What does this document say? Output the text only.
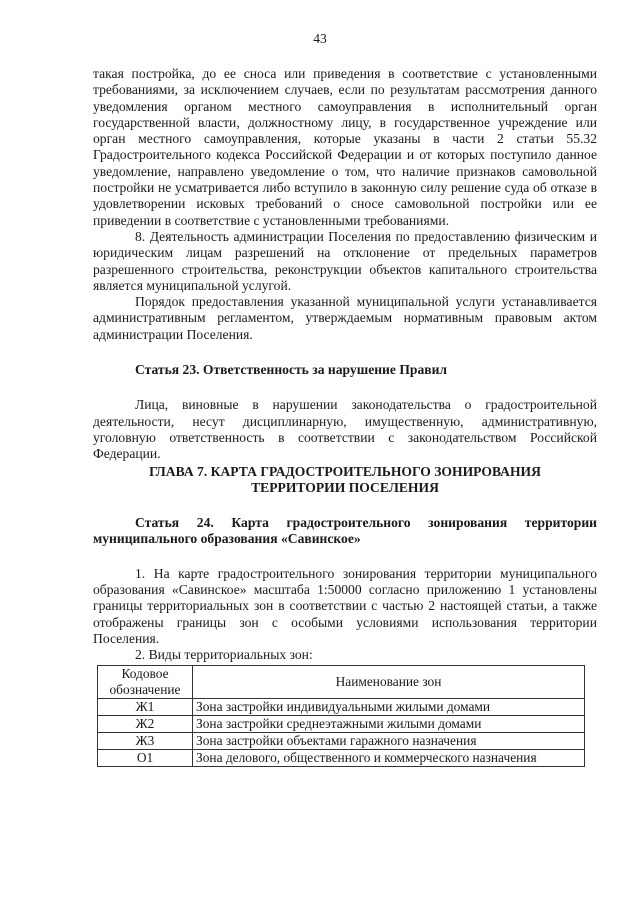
43

такая постройка, до ее сноса или приведения в соответствие с установленными требованиями, за исключением случаев, если по результатам рассмотрения данного уведомления органом местного самоуправления в исполнительный орган государственной власти, должностному лицу, в государственное учреждение или орган местного самоуправления, которые указаны в части 2 статьи 55.32 Градостроительного кодекса Российской Федерации и от которых поступило данное уведомление, направлено уведомление о том, что наличие признаков самовольной постройки не усматривается либо вступило в законную силу решение суда об отказе в удовлетворении исковых требований о сносе самовольной постройки или ее приведении в соответствие с установленными требованиями.

8. Деятельность администрации Поселения по предоставлению физическим и юридическим лицам разрешений на отклонение от предельных параметров разрешенного строительства, реконструкции объектов капитального строительства является муниципальной услугой.

Порядок предоставления указанной муниципальной услуги устанавливается административным регламентом, утверждаемым нормативным правовым актом администрации Поселения.

Статья 23. Ответственность за нарушение Правил

Лица, виновные в нарушении законодательства о градостроительной деятельности, несут дисциплинарную, имущественную, административную, уголовную ответственность в соответствии с законодательством Российской Федерации.

ГЛАВА 7. КАРТА ГРАДОСТРОИТЕЛЬНОГО ЗОНИРОВАНИЯ
ТЕРРИТОРИИ ПОСЕЛЕНИЯ

Статья 24. Карта градостроительного зонирования территории муниципального образования «Савинское»

1. На карте градостроительного зонирования территории муниципального образования «Савинское» масштаба 1:50000 согласно приложению 1 установлены границы территориальных зон в соответствии с частью 2 настоящей статьи, а также отображены границы зон с особыми условиями использования территории Поселения.

2. Виды территориальных зон:

Кодовое обозначение	Наименование зон
Ж1	Зона застройки индивидуальными жилыми домами
Ж2	Зона застройки среднеэтажными жилыми домами
Ж3	Зона застройки объектами гаражного назначения
О1	Зона делового, общественного и коммерческого назначения
